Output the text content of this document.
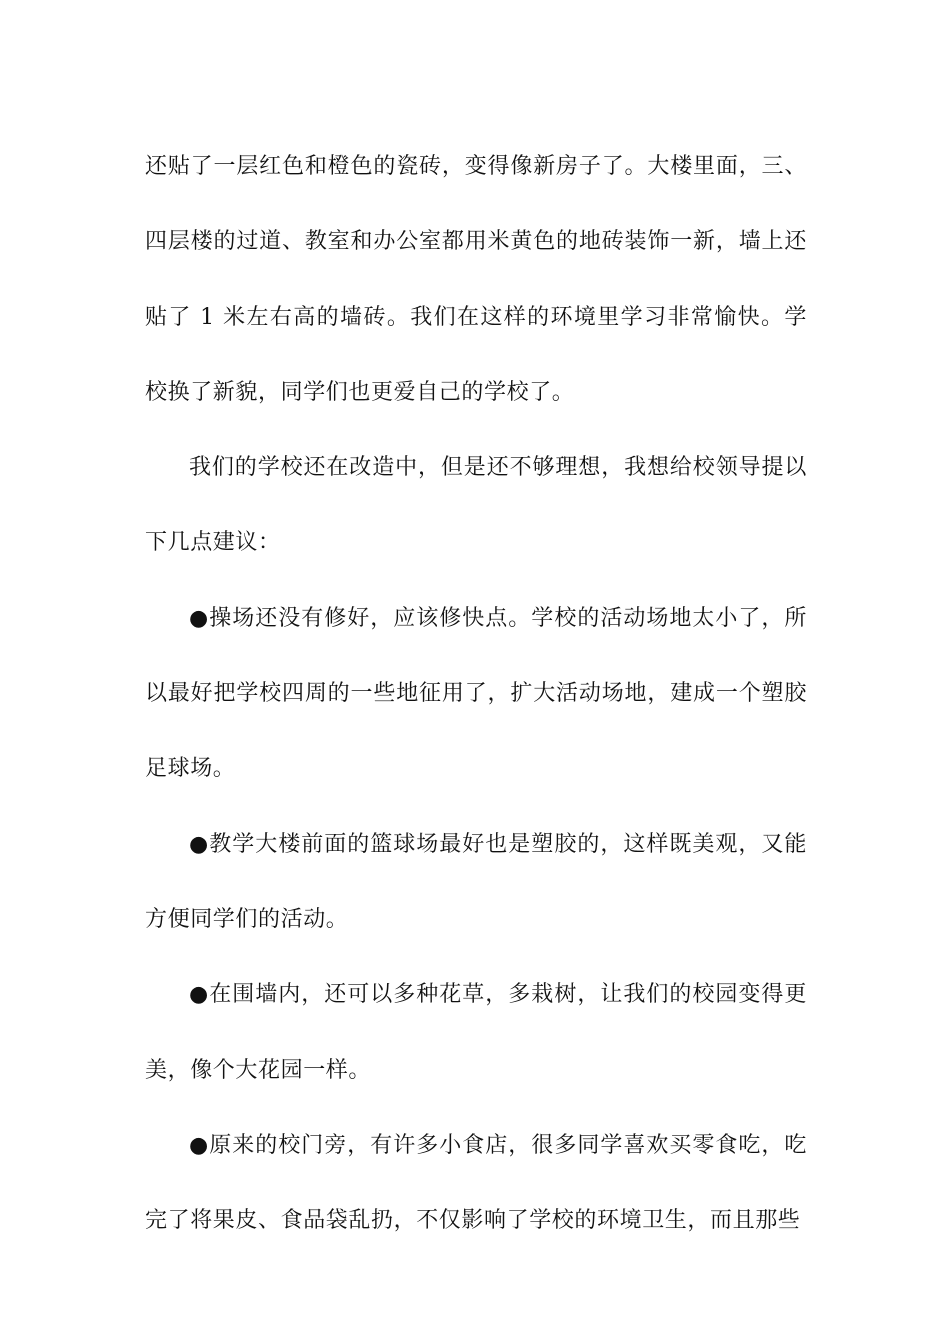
还贴了一层红色和橙色的瓷砖，变得像新房子了。大楼里面，三、四层楼的过道、教室和办公室都用米黄色的地砖装饰一新，墙上还贴了 1 米左右高的墙砖。我们在这样的环境里学习非常愉快。学校换了新貌，同学们也更爱自己的学校了。

我们的学校还在改造中，但是还不够理想，我想给校领导提以下几点建议：

●操场还没有修好，应该修快点。学校的活动场地太小了，所以最好把学校四周的一些地征用了，扩大活动场地，建成一个塑胶足球场。

●教学大楼前面的篮球场最好也是塑胶的，这样既美观，又能方便同学们的活动。

●在围墙内，还可以多种花草，多栽树，让我们的校园变得更美，像个大花园一样。

●原来的校门旁，有许多小食店，很多同学喜欢买零食吃，吃完了将果皮、食品袋乱扔，不仅影响了学校的环境卫生，而且那些
